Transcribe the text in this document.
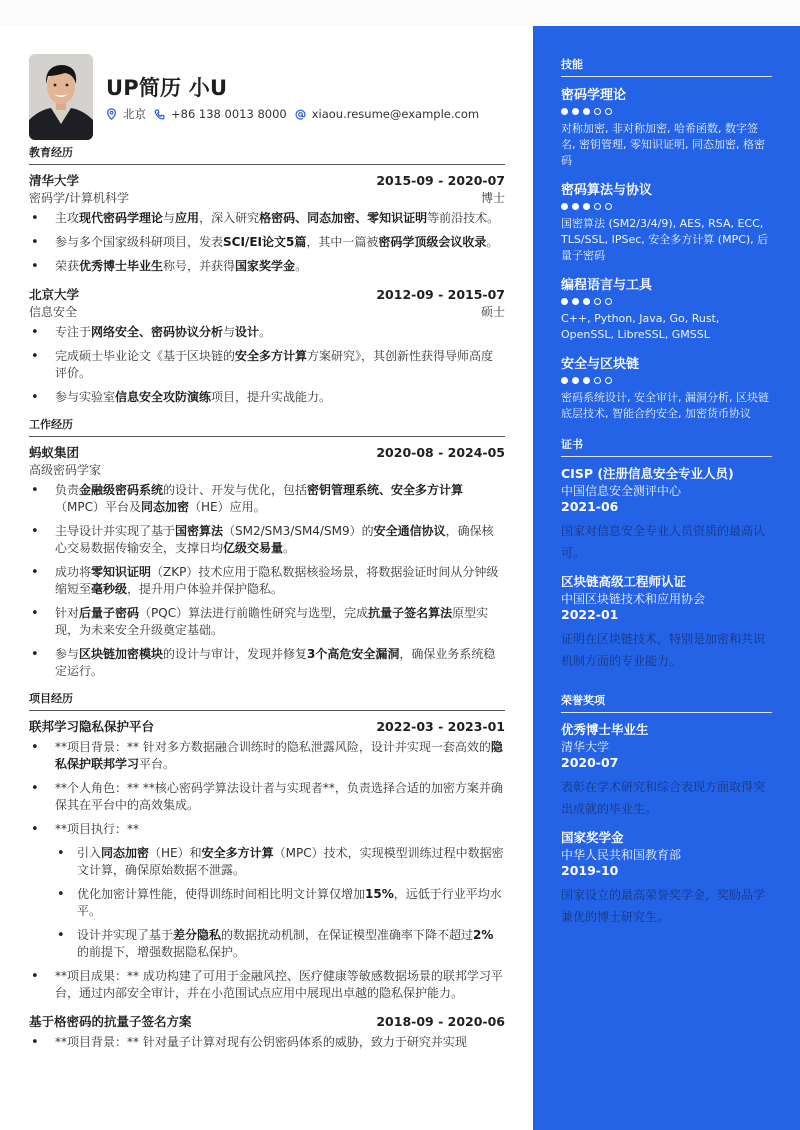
UP简历 小U
北京 +86 138 0013 8000 xiaou.resume@example.com
教育经历
清华大学	2015-09 - 2020-07
密码学/计算机科学	博士
• 主攻现代密码学理论与应用，深入研究格密码、同态加密、零知识证明等前沿技术。
• 参与多个国家级科研项目，发表SCI/EI论文5篇，其中一篇被密码学顶级会议收录。
• 荣获优秀博士毕业生称号，并获得国家奖学金。
北京大学	2012-09 - 2015-07
信息安全	硕士
• 专注于网络安全、密码协议分析与设计。
• 完成硕士毕业论文《基于区块链的安全多方计算方案研究》，其创新性获得导师高度评价。
• 参与实验室信息安全攻防演练项目，提升实战能力。
工作经历
蚂蚁集团	2020-08 - 2024-05
高级密码学家
• 负责金融级密码系统的设计、开发与优化，包括密钥管理系统、安全多方计算（MPC）平台及同态加密（HE）应用。
• 主导设计并实现了基于国密算法（SM2/SM3/SM4/SM9）的安全通信协议，确保核心交易数据传输安全，支撑日均亿级交易量。
• 成功将零知识证明（ZKP）技术应用于隐私数据核验场景，将数据验证时间从分钟级缩短至毫秒级，提升用户体验并保护隐私。
• 针对后量子密码（PQC）算法进行前瞻性研究与选型，完成抗量子签名算法原型实现，为未来安全升级奠定基础。
• 参与区块链加密模块的设计与审计，发现并修复3个高危安全漏洞，确保业务系统稳定运行。
项目经历
联邦学习隐私保护平台	2022-03 - 2023-01
• **项目背景：** 针对多方数据融合训练时的隐私泄露风险，设计并实现一套高效的隐私保护联邦学习平台。
• **个人角色：** **核心密码学算法设计者与实现者**，负责选择合适的加密方案并确保其在平台中的高效集成。
• **项目执行：**
• 引入同态加密（HE）和安全多方计算（MPC）技术，实现模型训练过程中数据密文计算，确保原始数据不泄露。
• 优化加密计算性能，使得训练时间相比明文计算仅增加15%，远低于行业平均水平。
• 设计并实现了基于差分隐私的数据扰动机制，在保证模型准确率下降不超过2%的前提下，增强数据隐私保护。
• **项目成果：** 成功构建了可用于金融风控、医疗健康等敏感数据场景的联邦学习平台，通过内部安全审计，并在小范围试点应用中展现出卓越的隐私保护能力。
基于格密码的抗量子签名方案	2018-09 - 2020-06
• **项目背景：** 针对量子计算对现有公钥密码体系的威胁，致力于研究并实现
技能
密码学理论
对称加密, 非对称加密, 哈希函数, 数字签名, 密钥管理, 零知识证明, 同态加密, 格密码
密码算法与协议
国密算法 (SM2/3/4/9), AES, RSA, ECC, TLS/SSL, IPSec, 安全多方计算 (MPC), 后量子密码
编程语言与工具
C++, Python, Java, Go, Rust, OpenSSL, LibreSSL, GMSSL
安全与区块链
密码系统设计, 安全审计, 漏洞分析, 区块链底层技术, 智能合约安全, 加密货币协议
证书
CISP (注册信息安全专业人员)
中国信息安全测评中心
2021-06
国家对信息安全专业人员资质的最高认可。
区块链高级工程师认证
中国区块链技术和应用协会
2022-01
证明在区块链技术，特别是加密和共识机制方面的专业能力。
荣誉奖项
优秀博士毕业生
清华大学
2020-07
表彰在学术研究和综合表现方面取得突出成就的毕业生。
国家奖学金
中华人民共和国教育部
2019-10
国家设立的最高荣誉奖学金，奖励品学兼优的博士研究生。
